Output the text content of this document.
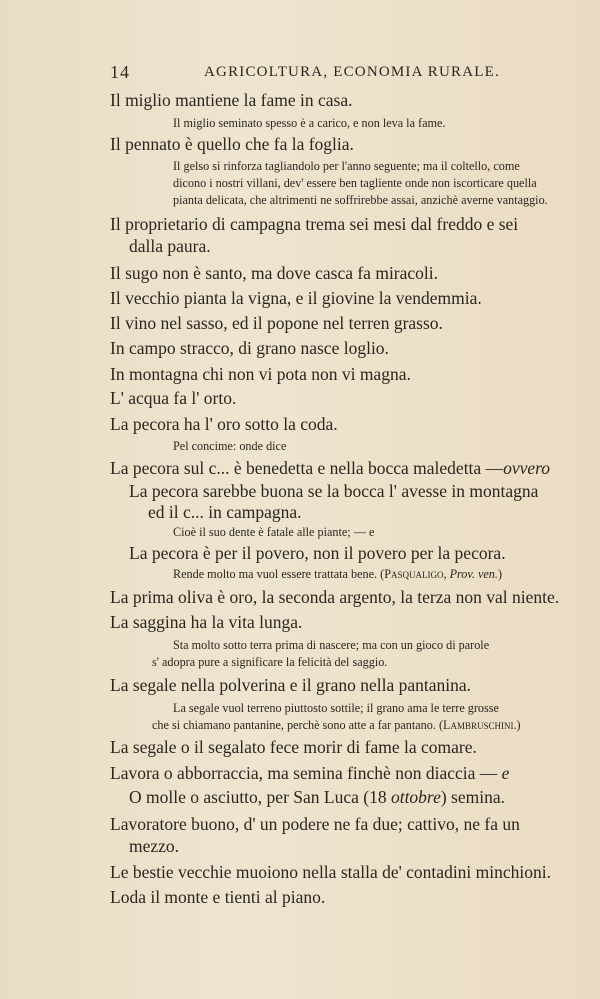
14	AGRICOLTURA, ECONOMIA RURALE.
Il miglio mantiene la fame in casa.
Il miglio seminato spesso è a carico, e non leva la fame.
Il pennato è quello che fa la foglia.
Il gelso si rinforza tagliandolo per l'anno seguente; ma il coltello, come
dicono i nostri villani, dev' essere ben tagliente onde non iscorticare quella
pianta delicata, che altrimenti ne soffrirebbe assai, anzichè averne vantaggio.
Il proprietario di campagna trema sei mesi dal freddo e sei
dalla paura.
Il sugo non è santo, ma dove casca fa miracoli.
Il vecchio pianta la vigna, e il giovine la vendemmia.
Il vino nel sasso, ed il popone nel terren grasso.
In campo stracco, di grano nasce loglio.
In montagna chi non vi pota non vi magna.
L' acqua fa l' orto.
La pecora ha l' oro sotto la coda.
Pel concime: onde dice
La pecora sul c... è benedetta e nella bocca maledetta —ovvero
La pecora sarebbe buona se la bocca l' avesse in montagna
ed il c... in campagna.
Cioè il suo dente è fatale alle piante; — e
La pecora è per il povero, non il povero per la pecora.
Rende molto ma vuol essere trattata bene. (Pasqualigo, Prov. ven.)
La prima oliva è oro, la seconda argento, la terza non val niente.
La saggina ha la vita lunga.
Sta molto sotto terra prima di nascere; ma con un gioco di parole
s' adopra pure a significare la felicità del saggio.
La segale nella polverina e il grano nella pantanina.
La segale vuol terreno piuttosto sottile; il grano ama le terre grosse
che si chiamano pantanine, perchè sono atte a far pantano. (Lambruschini.)
La segale o il segalato fece morir di fame la comare.
Lavora o abborraccia, ma semina finchè non diaccia — e
O molle o asciutto, per San Luca (18 ottobre) semina.
Lavoratore buono, d' un podere ne fa due; cattivo, ne fa un
mezzo.
Le bestie vecchie muoiono nella stalla de' contadini minchioni.
Loda il monte e tienti al piano.
